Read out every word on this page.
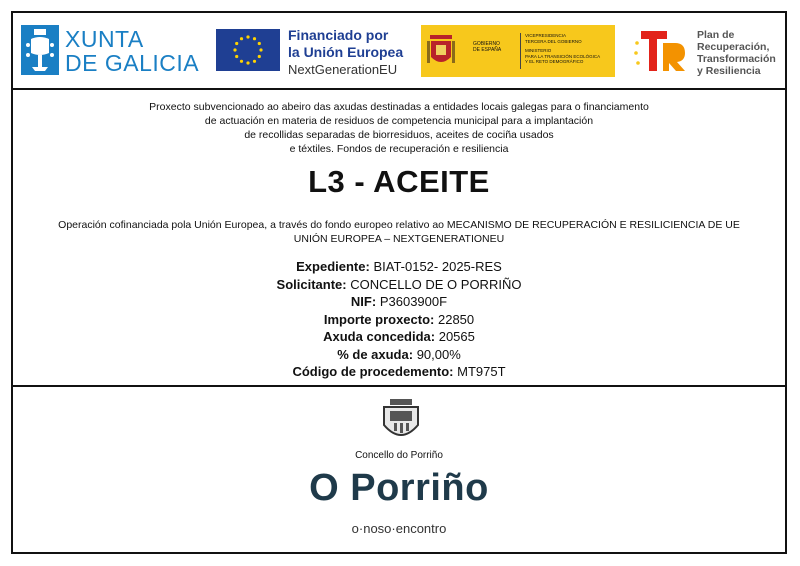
XUNTA
DE GALICIA
Financiado por
la Unión Europea
NextGenerationEU
GOBIERNO
DE ESPAÑA
VICEPRESIDENCIA
TERCERA DEL GOBIERNO
MINISTERIO
PARA LA TRANSICIÓN ECOLÓGICA
Y EL RETO DEMOGRÁFICO
Plan de
Recuperación,
Transformación
y Resiliencia
Proxecto subvencionado ao abeiro das axudas destinadas a entidades locais galegas para o financiamento
de actuación en materia de residuos de competencia municipal para a implantación
de recollidas separadas de biorresiduos, aceites de cociña usados
e téxtiles. Fondos de recuperación e resiliencia
L3 - ACEITE
Operación cofinanciada pola Unión Europea, a través do fondo europeo relativo ao MECANISMO DE RECUPERACIÓN E RESILICIENCIA DE UE
UNIÓN EUROPEA – NEXTGENERATIONEU
Expediente: BIAT-0152- 2025-RES
Solicitante: CONCELLO DE O PORRIÑO
NIF: P3603900F
Importe proxecto: 22850
Axuda concedida: 20565
% de axuda: 90,00%
Código de procedemento: MT975T
Concello do Porriño
O Porriño
o·noso·encontro
